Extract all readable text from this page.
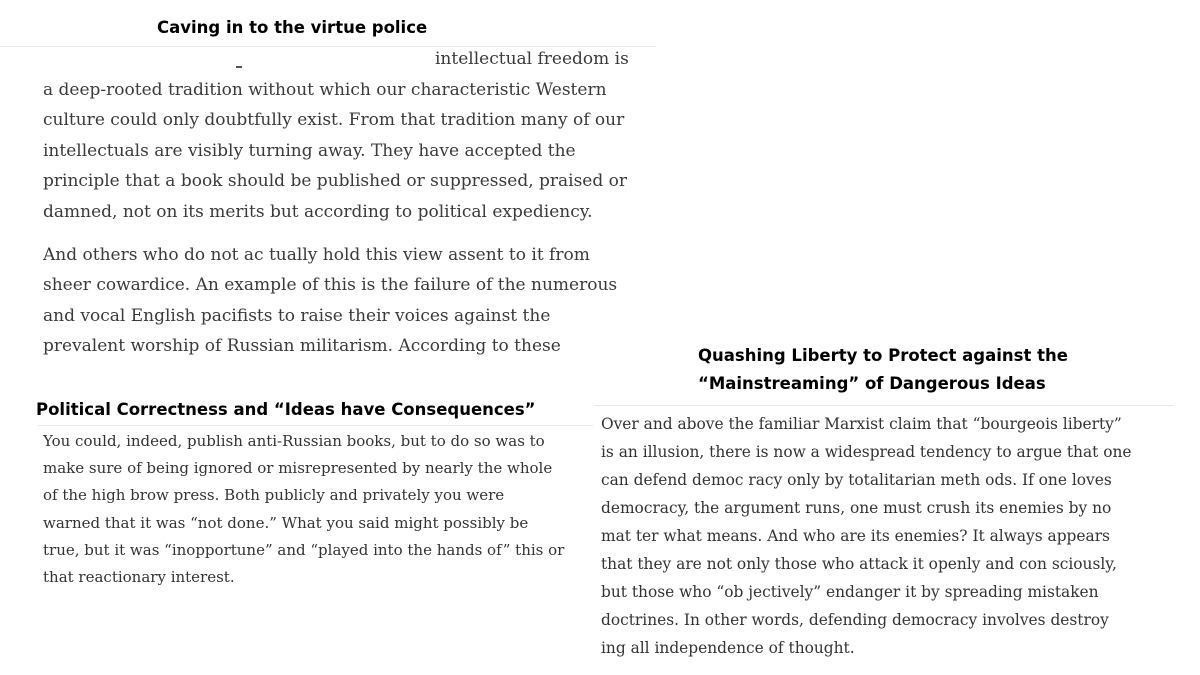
Caving in to the virtue police

intellectual freedom is
a deep-rooted tradition without which our characteristic Western
culture could only doubtfully exist. From that tradition many of our
intellectuals are visibly turning away. They have accepted the
principle that a book should be published or suppressed, praised or
damned, not on its merits but according to political expediency.

And others who do not ac tually hold this view assent to it from
sheer cowardice. An example of this is the failure of the numerous
and vocal English pacifists to raise their voices against the
prevalent worship of Russian militarism. According to these

Political Correctness and “Ideas have Consequences”

You could, indeed, publish anti-Russian books, but to do so was to
make sure of being ignored or misrepresented by nearly the whole
of the high brow press. Both publicly and privately you were
warned that it was “not done.” What you said might possibly be
true, but it was “inopportune” and “played into the hands of” this or
that reactionary interest.

Quashing Liberty to Protect against the
“Mainstreaming” of Dangerous Ideas

Over and above the familiar Marxist claim that “bourgeois liberty”
is an illusion, there is now a widespread tendency to argue that one
can defend democ racy only by totalitarian meth ods. If one loves
democracy, the argument runs, one must crush its enemies by no
mat ter what means. And who are its enemies? It always appears
that they are not only those who attack it openly and con sciously,
but those who “ob jectively” endanger it by spreading mistaken
doctrines. In other words, defending democracy involves destroy
ing all independence of thought.
